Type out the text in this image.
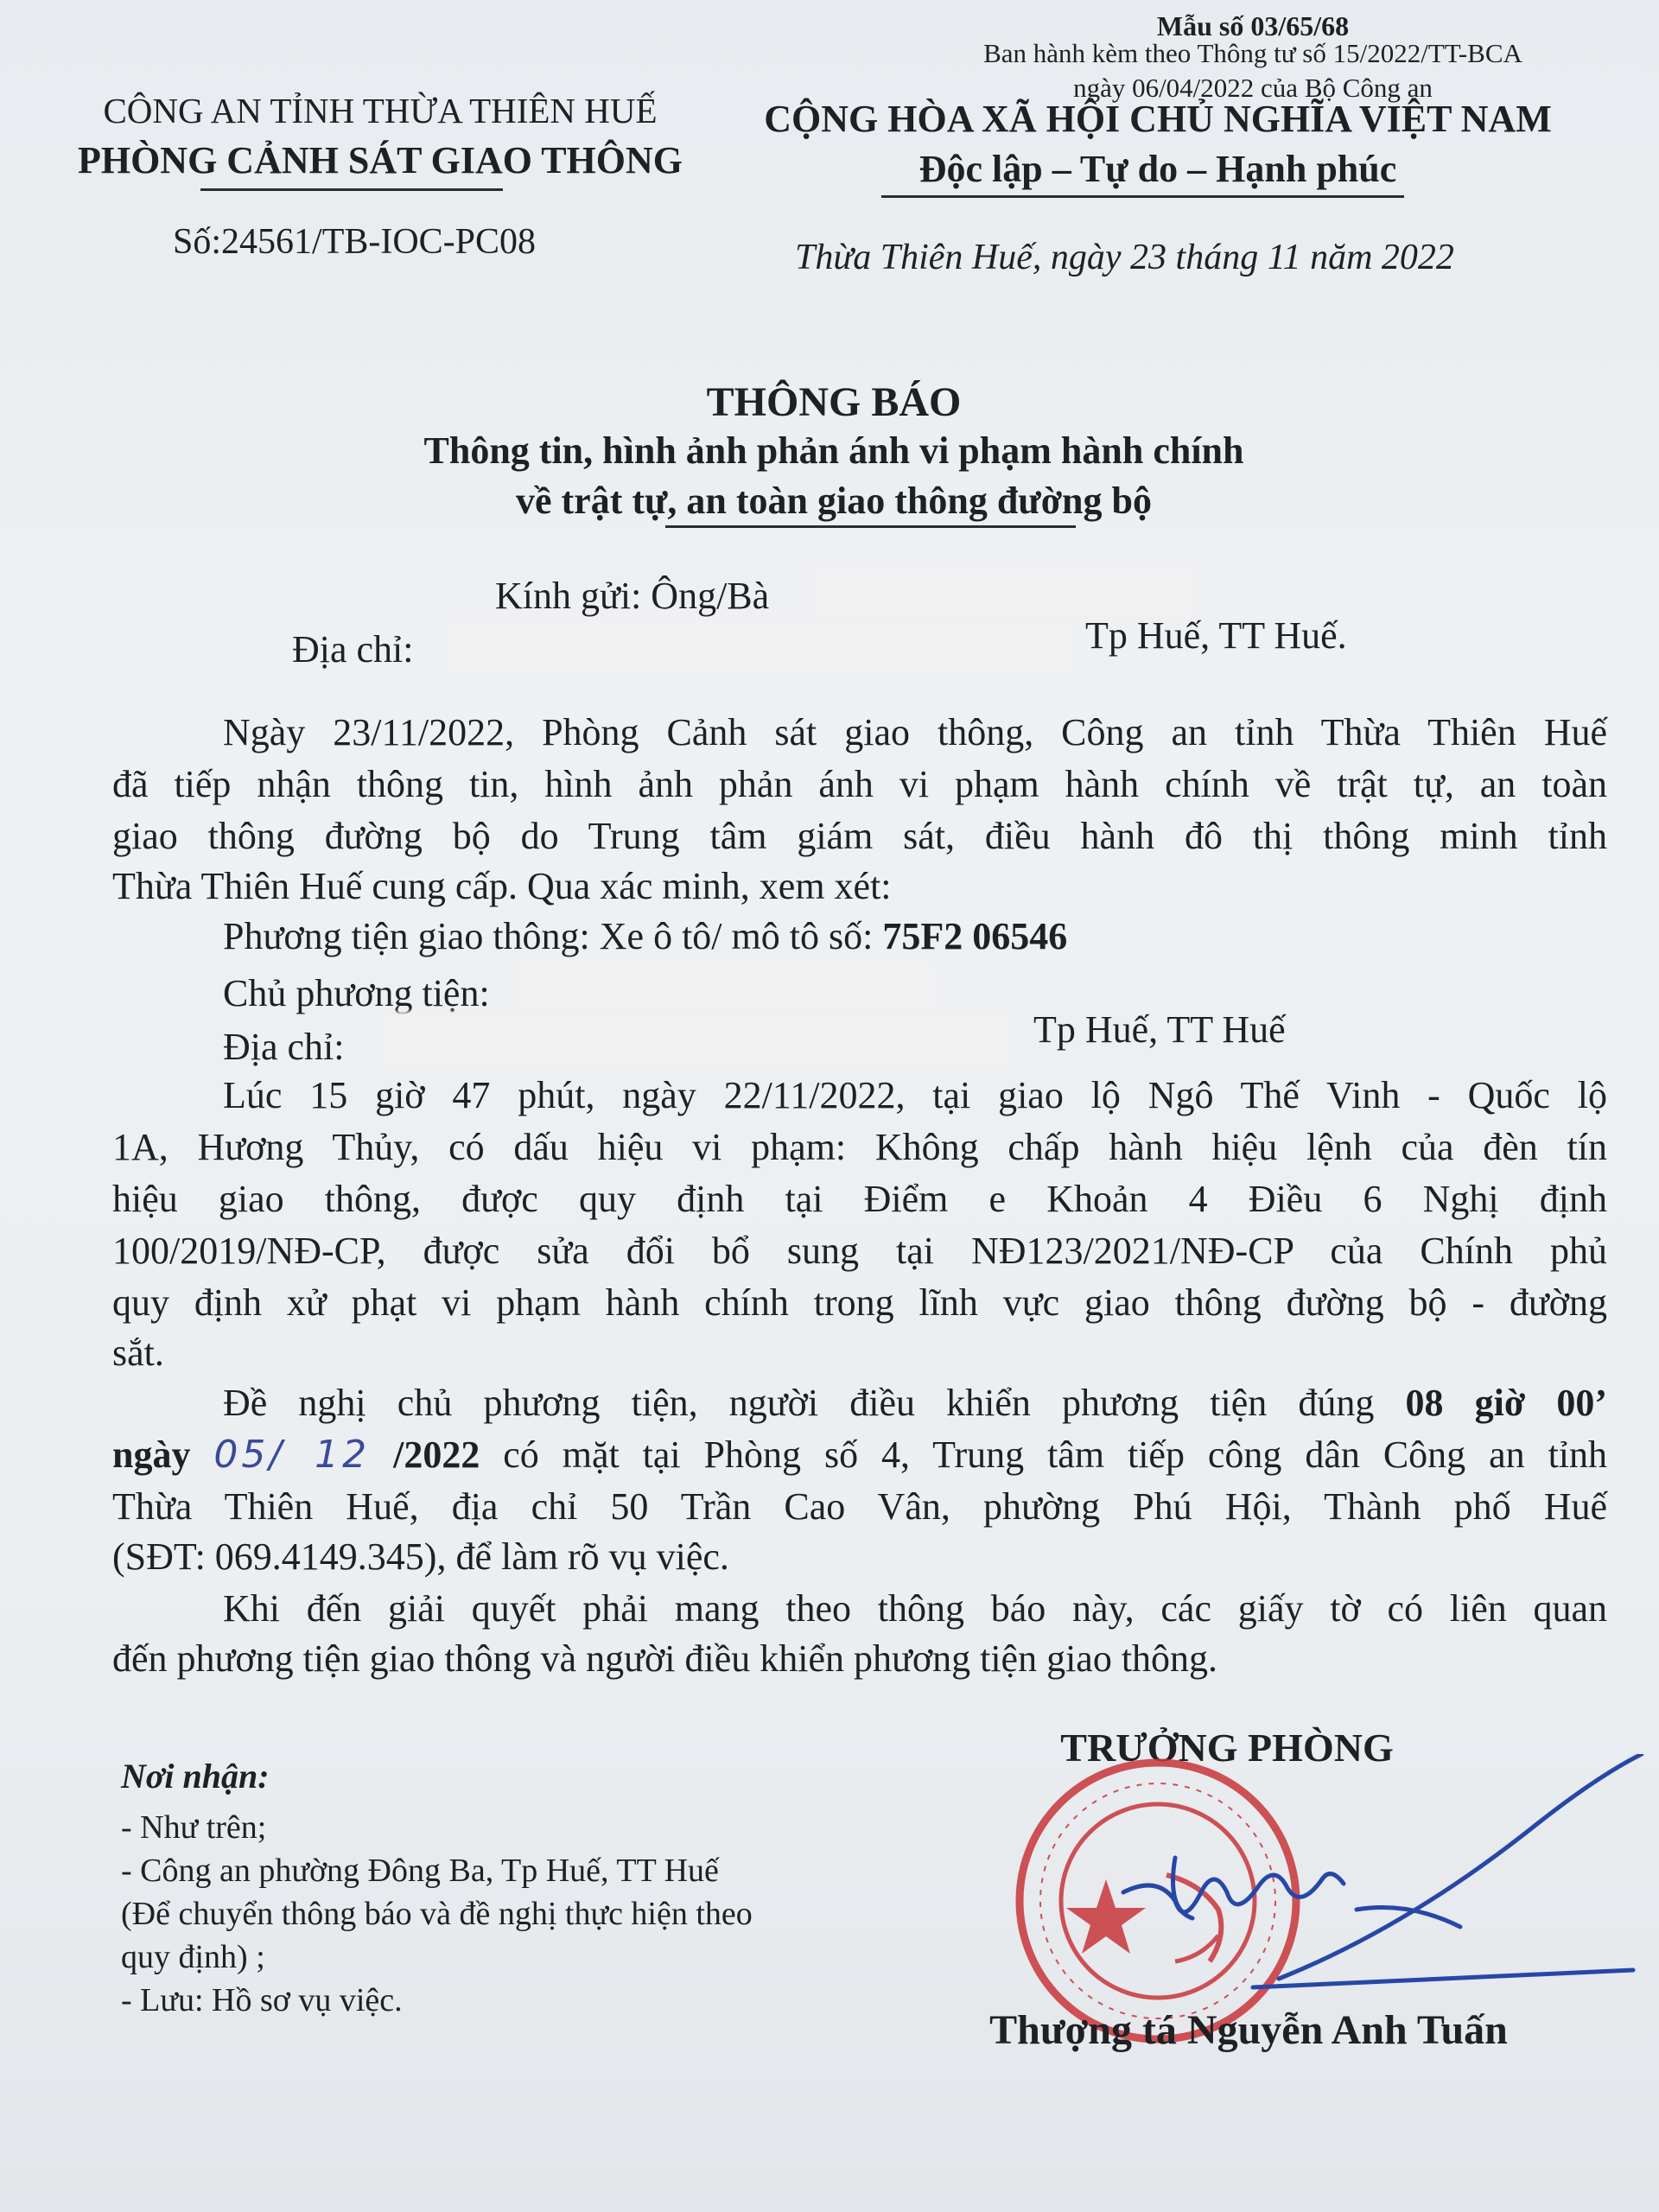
Mẫu số 03/65/68
Ban hành kèm theo Thông tư số 15/2022/TT-BCA
ngày 06/04/2022 của Bộ Công an
CÔNG AN TỈNH THỪA THIÊN HUẾ
PHÒNG CẢNH SÁT GIAO THÔNG
Số:24561/TB-IOC-PC08
CỘNG HÒA XÃ HỘI CHỦ NGHĨA VIỆT NAM
Độc lập – Tự do – Hạnh phúc
Thừa Thiên Huế, ngày 23 tháng 11 năm 2022
THÔNG BÁO
Thông tin, hình ảnh phản ánh vi phạm hành chính
về trật tự, an toàn giao thông đường bộ
Kính gửi: Ông/Bà
Địa chỉ:	Tp Huế, TT Huế.
Ngày 23/11/2022, Phòng Cảnh sát giao thông, Công an tỉnh Thừa Thiên Huế
đã tiếp nhận thông tin, hình ảnh phản ánh vi phạm hành chính về trật tự, an toàn
giao thông đường bộ do Trung tâm giám sát, điều hành đô thị thông minh tỉnh
Thừa Thiên Huế cung cấp. Qua xác minh, xem xét:
Phương tiện giao thông: Xe ô tô/ mô tô số: 75F2 06546
Chủ phương tiện:
Địa chỉ:	Tp Huế, TT Huế
Lúc 15 giờ 47 phút, ngày 22/11/2022, tại giao lộ Ngô Thế Vinh - Quốc lộ
1A, Hương Thủy, có dấu hiệu vi phạm: Không chấp hành hiệu lệnh của đèn tín
hiệu giao thông, được quy định tại Điểm e Khoản 4 Điều 6 Nghị định
100/2019/NĐ-CP, được sửa đổi bổ sung tại NĐ123/2021/NĐ-CP của Chính phủ
quy định xử phạt vi phạm hành chính trong lĩnh vực giao thông đường bộ - đường
sắt.
Đề nghị chủ phương tiện, người điều khiển phương tiện đúng 08 giờ 00’
ngày 05/ 12 /2022 có mặt tại Phòng số 4, Trung tâm tiếp công dân Công an tỉnh
Thừa Thiên Huế, địa chỉ 50 Trần Cao Vân, phường Phú Hội, Thành phố Huế
(SĐT: 069.4149.345), để làm rõ vụ việc.
Khi đến giải quyết phải mang theo thông báo này, các giấy tờ có liên quan
đến phương tiện giao thông và người điều khiển phương tiện giao thông.
Nơi nhận:
- Như trên;
- Công an phường Đông Ba, Tp Huế, TT Huế
(Để chuyển thông báo và đề nghị thực hiện theo
quy định) ;
- Lưu: Hồ sơ vụ việc.
TRƯỞNG PHÒNG
Thượng tá Nguyễn Anh Tuấn
